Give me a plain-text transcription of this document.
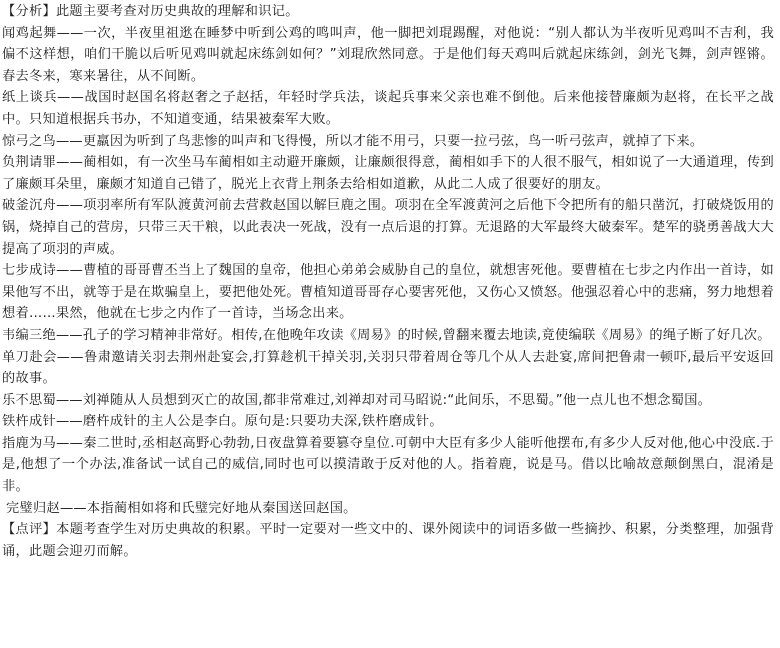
【分析】此题主要考查对历史典故的理解和识记。

闻鸡起舞——一次，半夜里祖逖在睡梦中听到公鸡的鸣叫声，他一脚把刘琨踢醒，对他说：“别人都认为半夜听见鸡叫不吉利，我偏不这样想，咱们干脆以后听见鸡叫就起床练剑如何？”刘琨欣然同意。于是他们每天鸡叫后就起床练剑，剑光飞舞，剑声铿锵。春去冬来，寒来暑往，从不间断。

纸上谈兵——战国时赵国名将赵奢之子赵括，年轻时学兵法，谈起兵事来父亲也难不倒他。后来他接替廉颇为赵将，在长平之战中。只知道根据兵书办，不知道变通，结果被秦军大败。

惊弓之鸟——更羸因为听到了鸟悲惨的叫声和飞得慢，所以才能不用弓，只要一拉弓弦，鸟一听弓弦声，就掉了下来。

负荆请罪——蔺相如，有一次坐马车蔺相如主动避开廉颇，让廉颇很得意，蔺相如手下的人很不服气，相如说了一大通道理，传到了廉颇耳朵里，廉颇才知道自己错了，脱光上衣背上荆条去给相如道歉，从此二人成了很要好的朋友。

破釜沉舟——项羽率所有军队渡黄河前去营救赵国以解巨鹿之围。项羽在全军渡黄河之后他下令把所有的船只凿沉，打破烧饭用的锅，烧掉自己的营房，只带三天干粮，以此表决一死战，没有一点后退的打算。无退路的大军最终大破秦军。楚军的骁勇善战大大提高了项羽的声威。

七步成诗——曹植的哥哥曹丕当上了魏国的皇帝，他担心弟弟会威胁自己的皇位，就想害死他。要曹植在七步之内作出一首诗，如果他写不出，就等于是在欺骗皇上，要把他处死。曹植知道哥哥存心要害死他，又伤心又愤怒。他强忍着心中的悲痛，努力地想着想着……果然，他就在七步之内作了一首诗，当场念出来。

韦编三绝——孔子的学习精神非常好。相传,在他晚年攻读《周易》的时候,曾翻来覆去地读,竟使编联《周易》的绳子断了好几次。

单刀赴会——鲁肃邀请关羽去荆州赴宴会,打算趁机干掉关羽,关羽只带着周仓等几个从人去赴宴,席间把鲁肃一顿吓,最后平安返回的故事。

乐不思蜀——刘禅随从人员想到灭亡的故国,都非常难过,刘禅却对司马昭说:“此间乐，不思蜀。”他一点儿也不想念蜀国。

铁杵成针——磨杵成针的主人公是李白。原句是:只要功夫深,铁杵磨成针。

指鹿为马——秦二世时,丞相赵高野心勃勃,日夜盘算着要篡夺皇位.可朝中大臣有多少人能听他摆布,有多少人反对他,他心中没底.于是,他想了一个办法,准备试一试自己的威信,同时也可以摸清敢于反对他的人。指着鹿，说是马。借以比喻故意颠倒黑白，混淆是非。

完璧归赵——本指蔺相如将和氏璧完好地从秦国送回赵国。

【点评】本题考查学生对历史典故的积累。平时一定要对一些文中的、课外阅读中的词语多做一些摘抄、积累，分类整理，加强背诵，此题会迎刃而解。
